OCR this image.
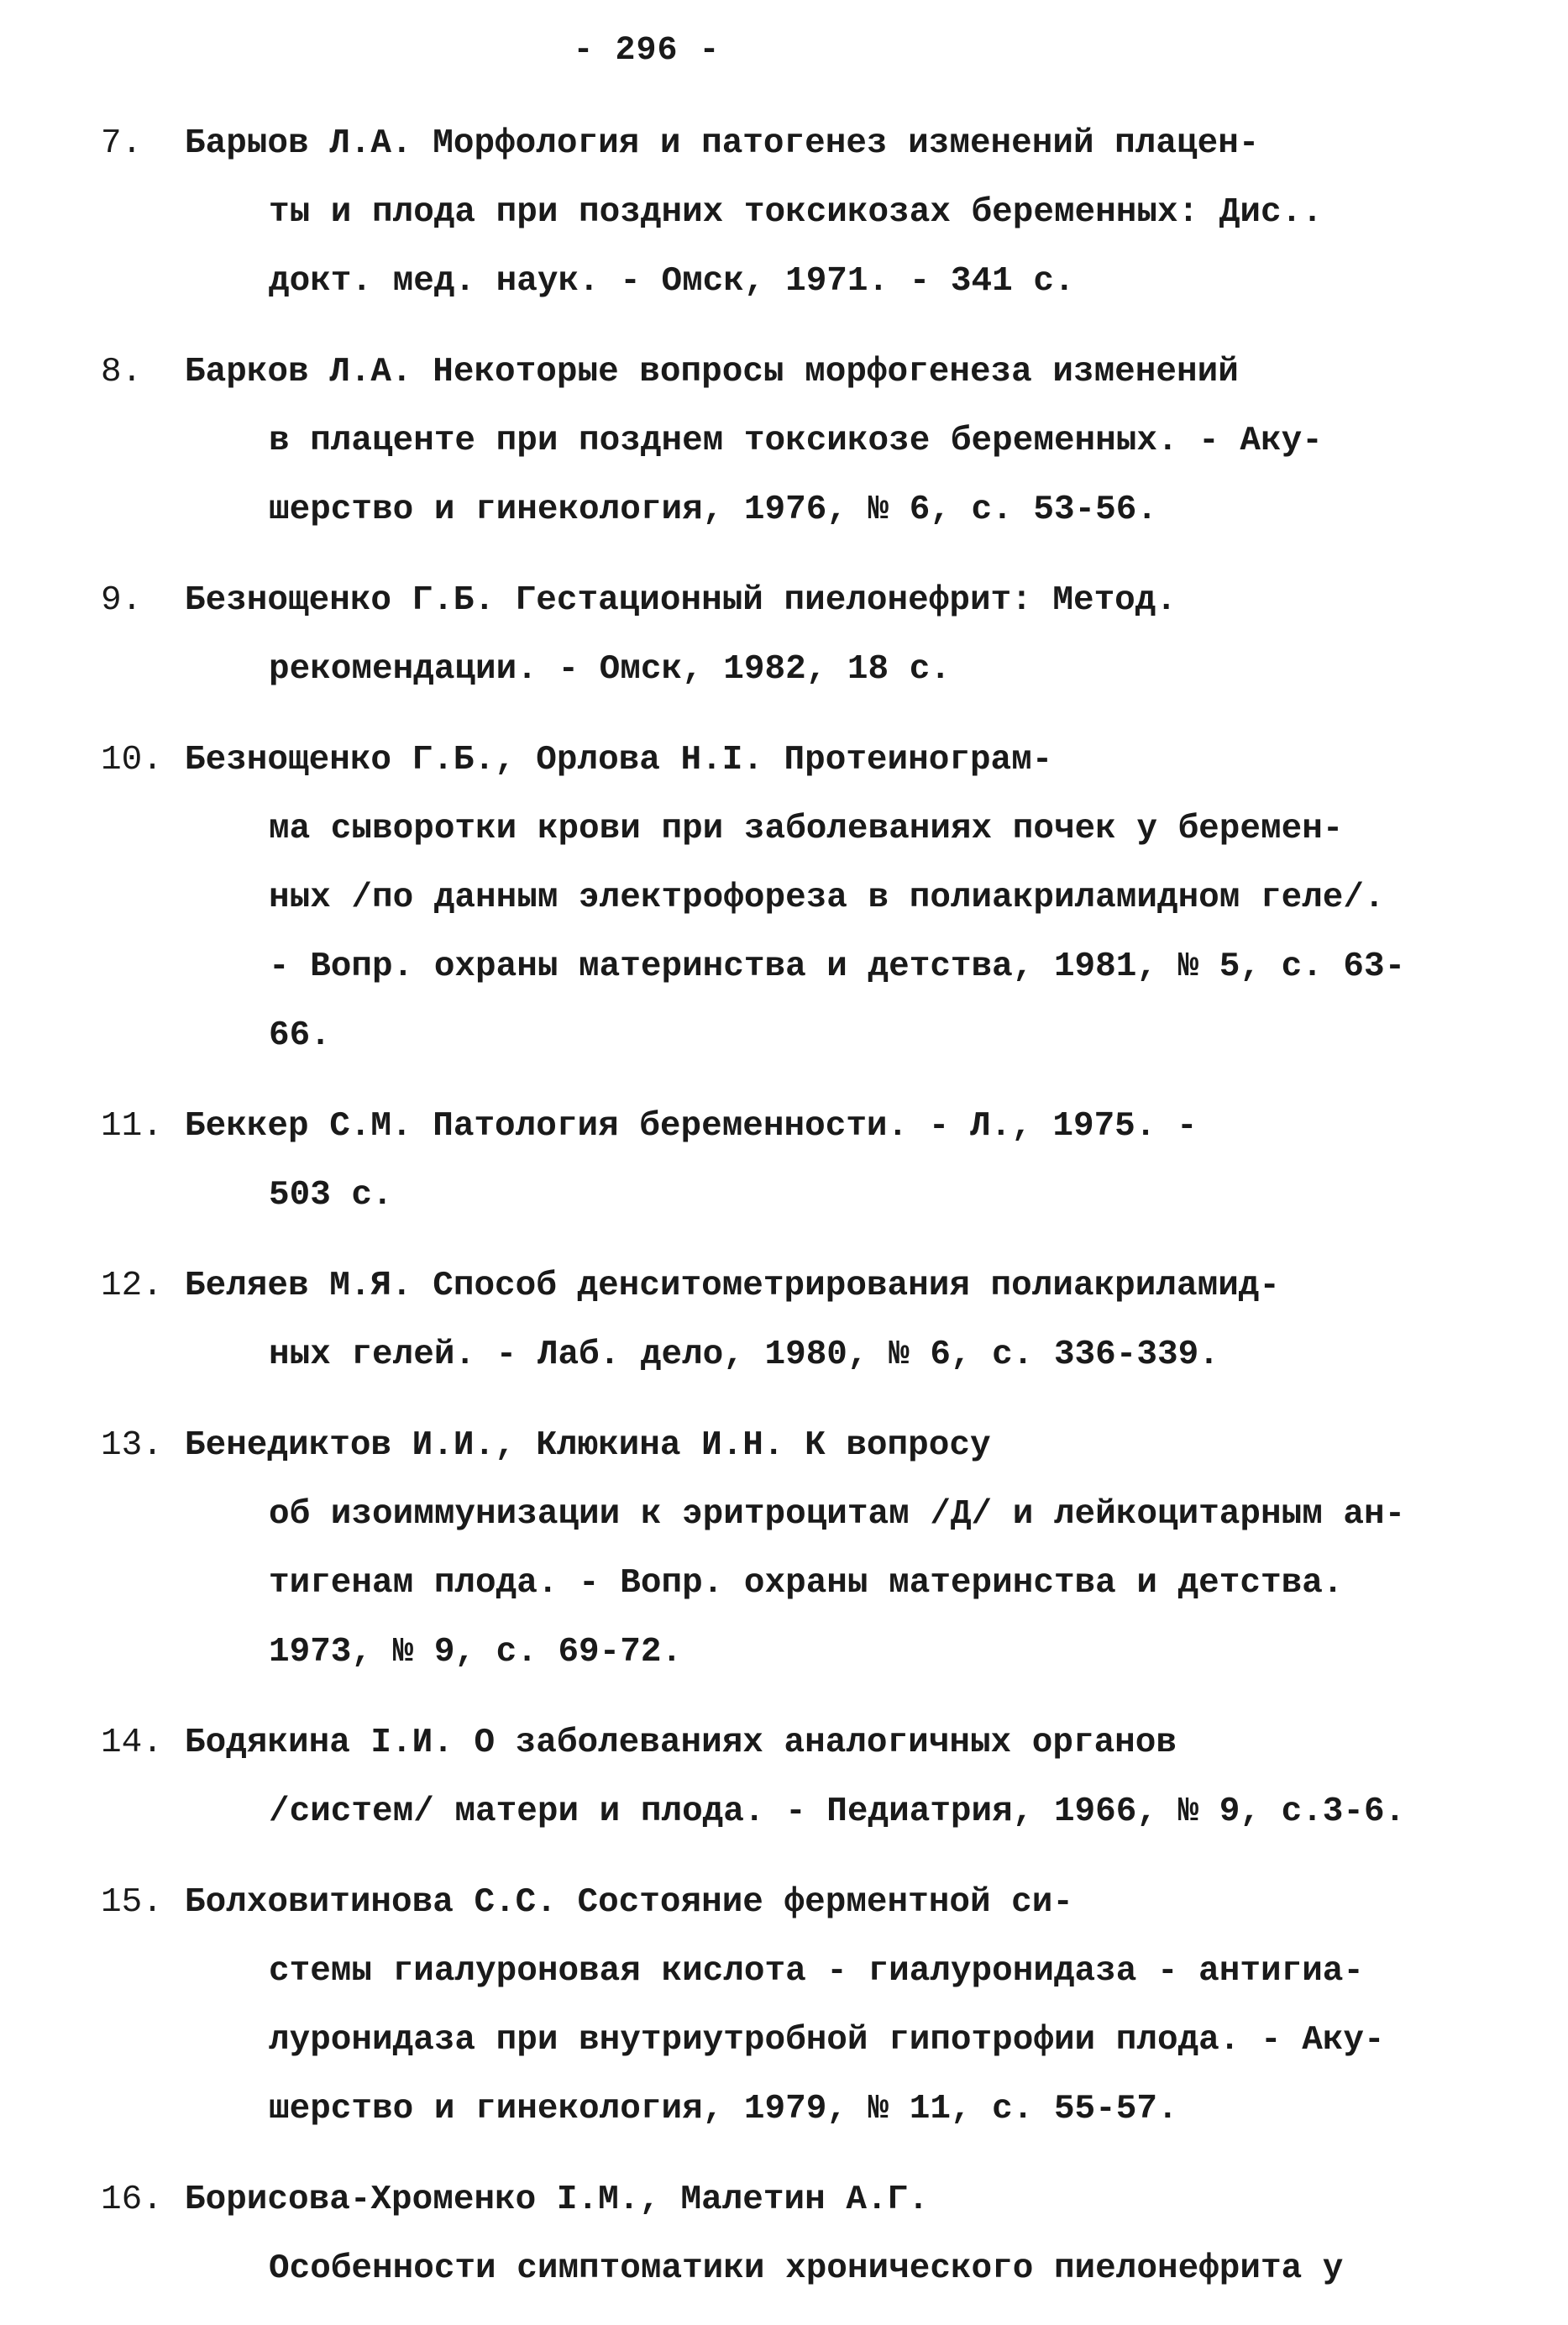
- 296 -
7.	Барыов Л.А. Морфология и патогенез изменений плацен-
ты и плода при поздних токсикозах беременных: Дис..
докт. мед. наук. - Омск, 1971. - 341 с.
8.	Барков Л.А. Некоторые вопросы морфогенеза изменений
в плаценте при позднем токсикозе беременных. - Аку-
шерство и гинекология, 1976, № 6, с. 53-56.
9.	Безнощенко Г.Б. Гестационный пиелонефрит: Метод.
рекомендации. - Омск, 1982, 18 с.
10. Безнощенко Г.Б., Орлова Н.I. Протеинограм-
ма сыворотки крови при заболеваниях почек у беремен-
ных /по данным электрофореза в полиакриламидном геле/.
- Вопр. охраны материнства и детства, 1981, № 5, с. 63-
66.
11. Беккер С.М. Патология беременности. - Л., 1975. -
503 с.
12. Беляев М.Я. Способ денситометрирования полиакриламид-
ных гелей. - Лаб. дело, 1980, № 6, с. 336-339.
13. Бенедиктов И.И., Клюкина И.Н. К вопросу
об изоиммунизации к эритроцитам /Д/ и лейкоцитарным ан-
тигенам плода. - Вопр. охраны материнства и детства.
1973, № 9, с. 69-72.
14. Бодякина I.И. О заболеваниях аналогичных органов
/систем/ матери и плода. - Педиатрия, 1966, № 9, с.3-6.
15. Болховитинова С.С. Состояние ферментной си-
стемы гиалуроновая кислота - гиалуронидаза - антигиа-
луронидаза при внутриутробной гипотрофии плода. - Аку-
шерство и гинекология, 1979, № 11, с. 55-57.
16. Борисова-Хроменко I.М., Малетин А.Г.
Особенности симптоматики хронического пиелонефрита у
